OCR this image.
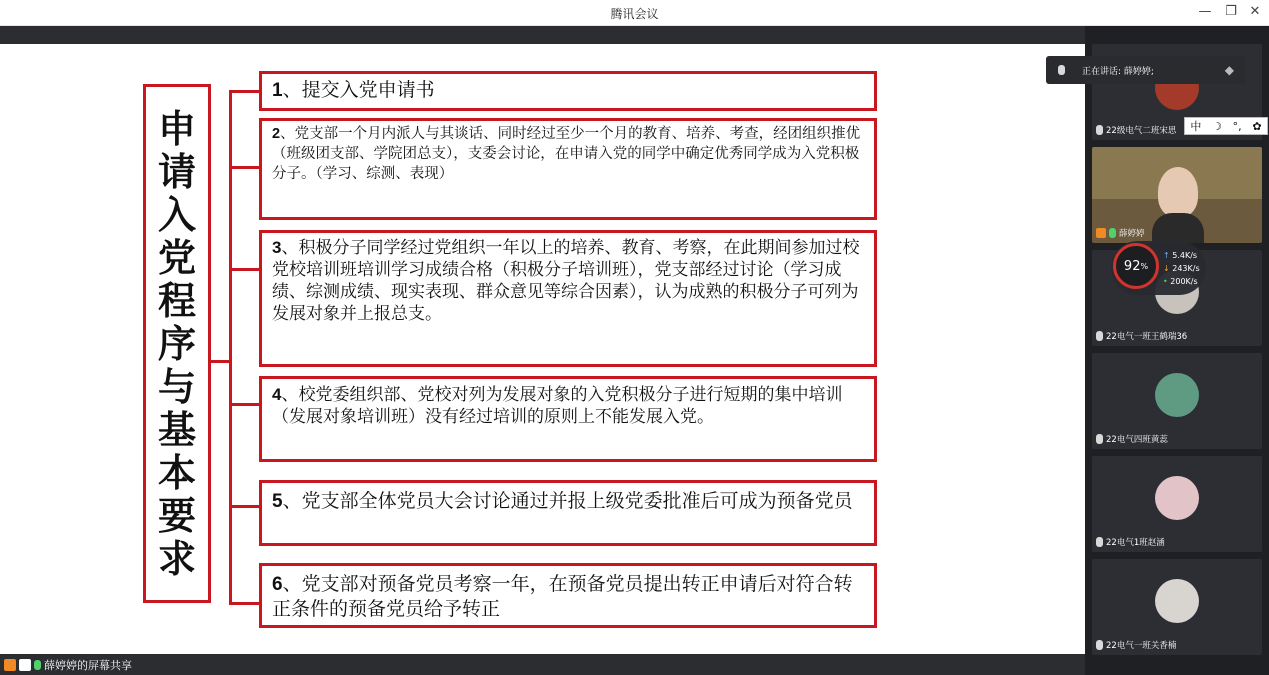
腾讯会议	— ❐ ✕
申
请
入
党
程
序
与
基
本
要
求
1、提交入党申请书
2、党支部一个月内派人与其谈话、同时经过至少一个月的教育、培养、考查，经团组织推优（班级团支部、学院团总支），支委会讨论，在申请入党的同学中确定优秀同学成为入党积极分子。（学习、综测、表现）
3、积极分子同学经过党组织一年以上的培养、教育、考察，在此期间参加过校党校培训班培训学习成绩合格（积极分子培训班），党支部经过讨论（学习成绩、综测成绩、现实表现、群众意见等综合因素），认为成熟的积极分子可列为发展对象并上报总支。
4、校党委组织部、党校对列为发展对象的入党积极分子进行短期的集中培训（发展对象培训班）没有经过培训的原则上不能发展入党。
5、党支部全体党员大会讨论通过并报上级党委批准后可成为预备党员
6、党支部对预备党员考察一年，在预备党员提出转正申请后对符合转正条件的预备党员给予转正
薛婷婷的屏幕共享
22级电气二班宋思
薛婷婷
22电气一班王鹤瑞36
22电气四班黄蕊
22电气1班赵涵
22电气一班关香楠
正在讲话: 薛婷婷;	◆
中 ☽ °, ✿
92 %
↑ 5.4K/s
↓ 243K/s
• 200K/s
